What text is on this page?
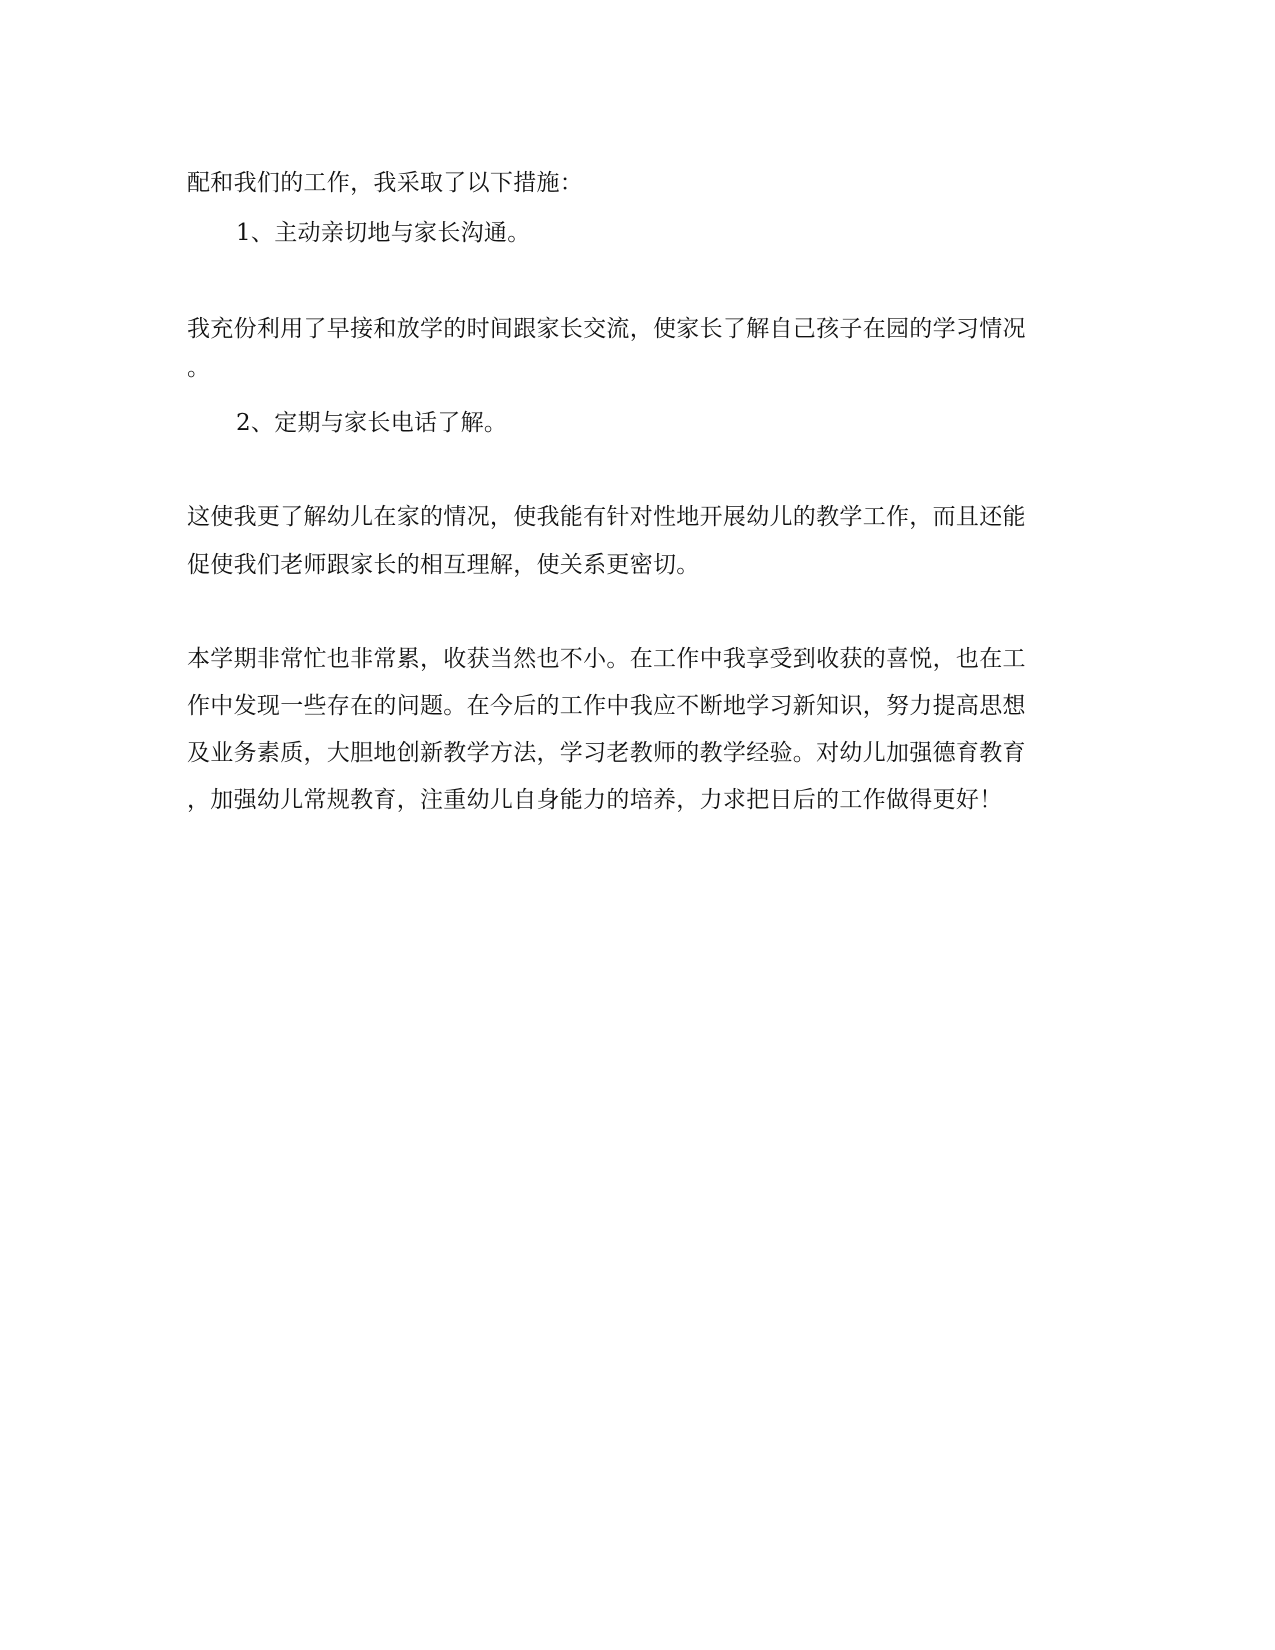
配和我们的工作，我采取了以下措施：
1、主动亲切地与家长沟通。
我充份利用了早接和放学的时间跟家长交流，使家长了解自己孩子在园的学习情况
。
2、定期与家长电话了解。
这使我更了解幼儿在家的情况，使我能有针对性地开展幼儿的教学工作，而且还能
促使我们老师跟家长的相互理解，使关系更密切。
本学期非常忙也非常累，收获当然也不小。在工作中我享受到收获的喜悦，也在工
作中发现一些存在的问题。在今后的工作中我应不断地学习新知识，努力提高思想
及业务素质，大胆地创新教学方法，学习老教师的教学经验。对幼儿加强德育教育
，加强幼儿常规教育，注重幼儿自身能力的培养，力求把日后的工作做得更好！
